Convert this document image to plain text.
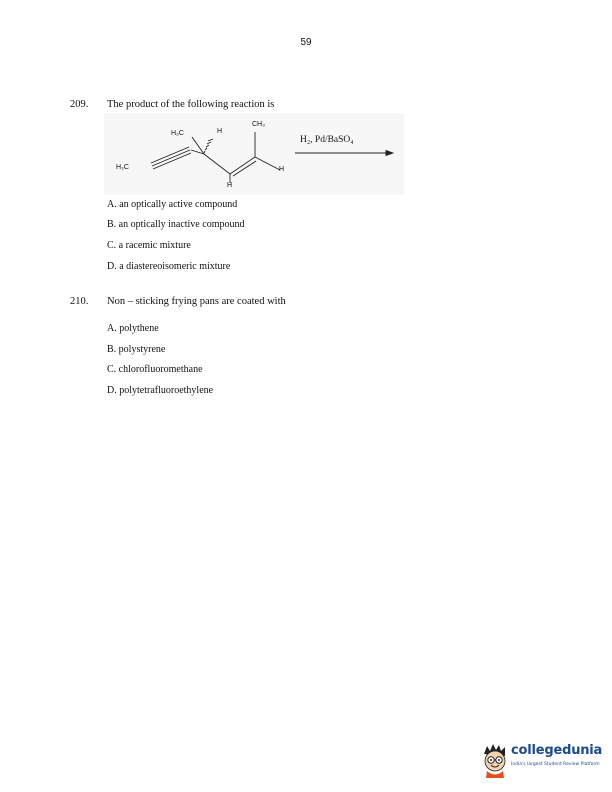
59
209. The product of the following reaction is
H₃C	H
CH₃
H₃C
H
H
H₂, Pd/BaSO₄
A. an optically active compound
B. an optically inactive compound
C. a racemic mixture
D. a diastereoisomeric mixture
210. Non – sticking frying pans are coated with
A. polythene
B. polystyrene
C. chlorofluoromethane
D. polytetrafluoroethylene
collegedunia
India's largest Student Review Platform
